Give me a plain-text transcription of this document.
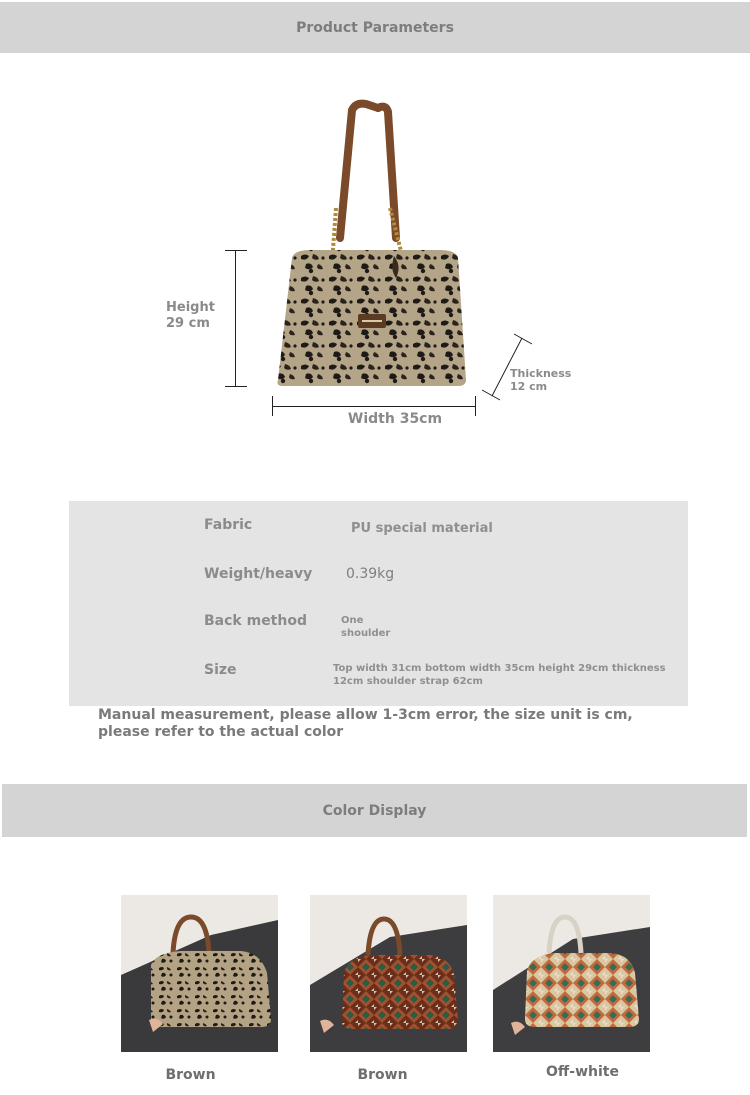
Product Parameters
Height 29 cm
Width 35cm
Thickness 12 cm
Fabric	PU special material
Weight/heavy 0.39kg
Back method	One shoulder
Size	Top width 31cm bottom width 35cm height 29cm thickness 12cm shoulder strap 62cm
Manual measurement, please allow 1-3cm error, the size unit is cm, please refer to the actual color
Color Display
Brown	Brown	Off-white
